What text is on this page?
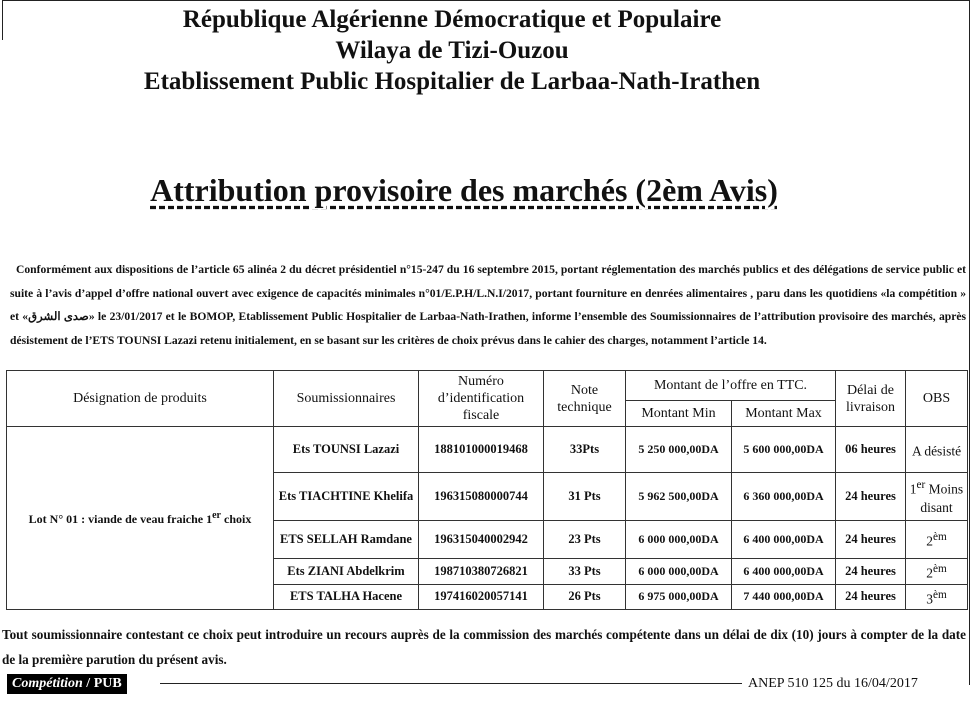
République Algérienne Démocratique et Populaire
Wilaya de Tizi-Ouzou
Etablissement Public Hospitalier de Larbaa-Nath-Irathen
Attribution provisoire des marchés (2èm Avis)
Conformément aux dispositions de l’article 65 alinéa 2 du décret présidentiel n°15-247 du 16 septembre 2015, portant réglementation des marchés publics et des délégations de service public et suite à l’avis d’appel d’offre national ouvert avec exigence de capacités minimales n°01/E.P.H/L.N.I/2017, portant fourniture en denrées alimentaires , paru dans les quotidiens «la compétition » et «صدى الشرق» le 23/01/2017 et le BOMOP, Etablissement Public Hospitalier de Larbaa-Nath-Irathen, informe l’ensemble des Soumissionnaires de l’attribution provisoire des marchés, après désistement de l’ETS TOUNSI Lazazi retenu initialement, en se basant sur les critères de choix prévus dans le cahier des charges, notamment l’article 14.
Désignation de produits	Soumissionnaires	Numéro d’identification fiscale	Note technique	Montant de l’offre en TTC.		Délai de livraison	OBS
				Montant Min	Montant Max		
Lot N° 01 : viande de veau fraiche 1er choix	Ets TOUNSI Lazazi	188101000019468	33Pts	5 250 000,00DA	5 600 000,00DA	06 heures	A désisté
	Ets TIACHTINE Khelifa	196315080000744	31 Pts	5 962 500,00DA	6 360 000,00DA	24 heures	1er Moins disant
	ETS SELLAH Ramdane	196315040002942	23 Pts	6 000 000,00DA	6 400 000,00DA	24 heures	$2^{èm}$
	Ets ZIANI Abdelkrim	198710380726821	33 Pts	6 000 000,00DA	6 400 000,00DA	24 heures	$2^{èm}$
	ETS TALHA Hacene	197416020057141	26 Pts	6 975 000,00DA	7 440 000,00DA	24 heures	$3^{èm}$
Tout soumissionnaire contestant ce choix peut introduire un recours auprès de la commission des marchés compétente dans un délai de dix (10) jours à compter de la date de la première parution du présent avis.
Compétition / PUB	ANEP 510 125 du 16/04/2017
